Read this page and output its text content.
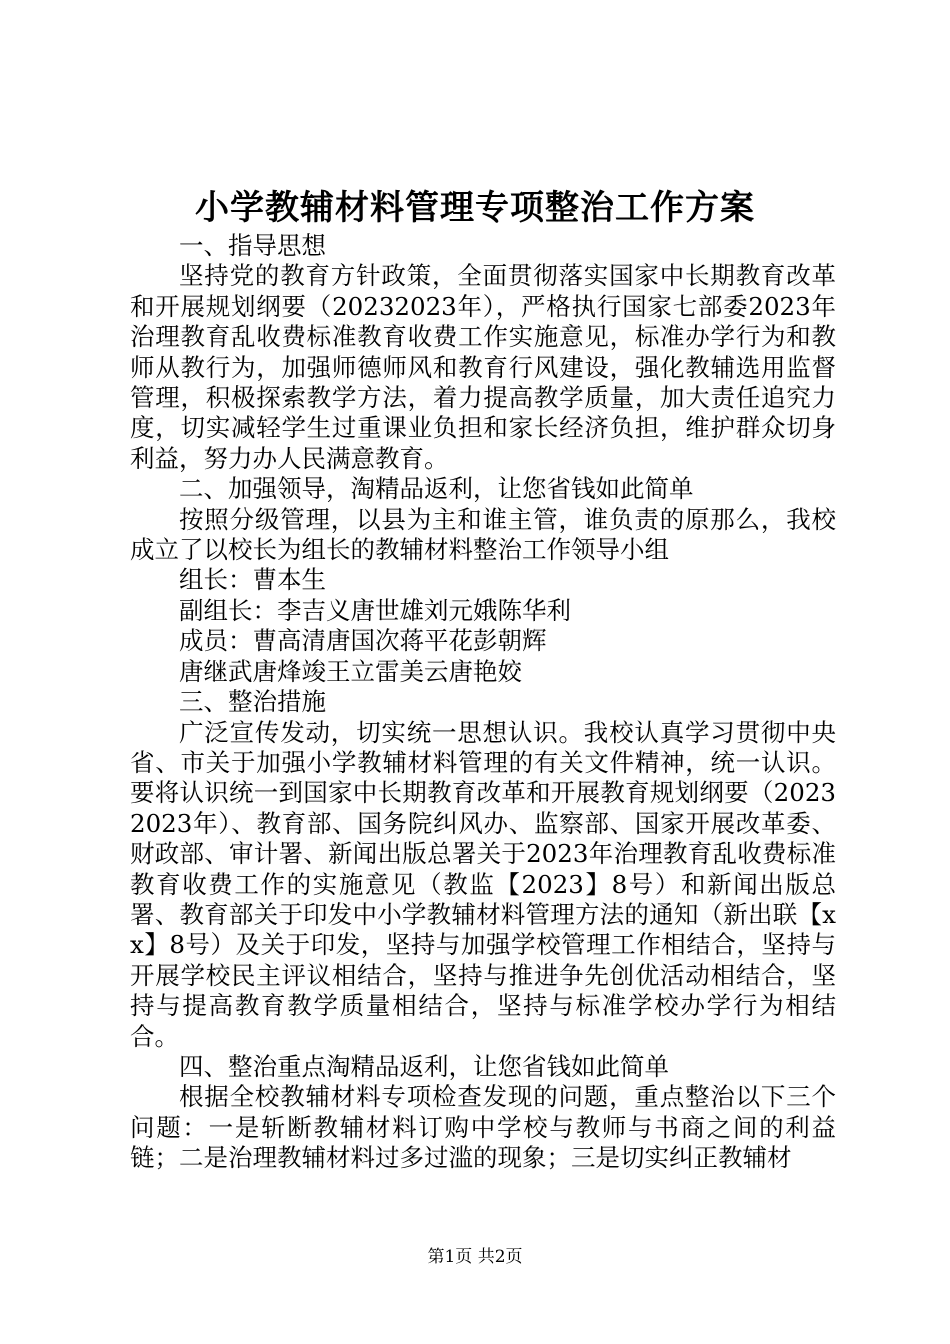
小学教辅材料管理专项整治工作方案

一、指导思想

坚持党的教育方针政策，全面贯彻落实国家中长期教育改革和开展规划纲要（20232023年），严格执行国家七部委2023年治理教育乱收费标准教育收费工作实施意见，标准办学行为和教师从教行为，加强师德师风和教育行风建设，强化教辅选用监督管理，积极探索教学方法，着力提高教学质量，加大责任追究力度，切实减轻学生过重课业负担和家长经济负担，维护群众切身利益，努力办人民满意教育。

二、加强领导，淘精品返利，让您省钱如此简单

按照分级管理，以县为主和谁主管，谁负责的原那么，我校成立了以校长为组长的教辅材料整治工作领导小组

组长：曹本生

副组长：李吉义唐世雄刘元娥陈华利

成员：曹高清唐国次蒋平花彭朝辉

唐继武唐烽竣王立雷美云唐艳姣

三、整治措施

广泛宣传发动，切实统一思想认识。我校认真学习贯彻中央省、市关于加强小学教辅材料管理的有关文件精神，统一认识。要将认识统一到国家中长期教育改革和开展教育规划纲要（20232023年）、教育部、国务院纠风办、监察部、国家开展改革委、财政部、审计署、新闻出版总署关于2023年治理教育乱收费标准教育收费工作的实施意见（教监【2023】8号）和新闻出版总署、教育部关于印发中小学教辅材料管理方法的通知（新出联【xx】8号）及关于印发，坚持与加强学校管理工作相结合，坚持与开展学校民主评议相结合，坚持与推进争先创优活动相结合，坚持与提高教育教学质量相结合，坚持与标准学校办学行为相结合。

四、整治重点淘精品返利，让您省钱如此简单

根据全校教辅材料专项检查发现的问题，重点整治以下三个问题：一是斩断教辅材料订购中学校与教师与书商之间的利益链；二是治理教辅材料过多过滥的现象；三是切实纠正教辅材

第1页 共2页
